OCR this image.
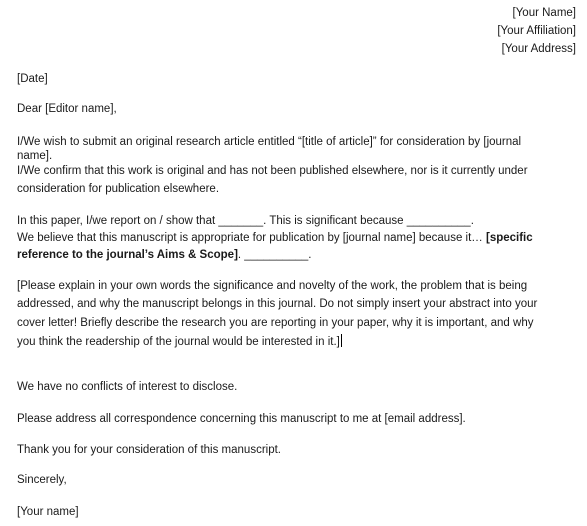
[Your Name]
[Your Affiliation]
[Your Address]
[Date]
Dear [Editor name],
I/We wish to submit an original research article entitled “[title of article]” for consideration by [journal
name].
I/We confirm that this work is original and has not been published elsewhere, nor is it currently under
consideration for publication elsewhere.
In this paper, I/we report on / show that _______. This is significant because __________.
We believe that this manuscript is appropriate for publication by [journal name] because it… [specific
reference to the journal’s Aims & Scope]. __________.
[Please explain in your own words the significance and novelty of the work, the problem that is being
addressed, and why the manuscript belongs in this journal. Do not simply insert your abstract into your
cover letter! Briefly describe the research you are reporting in your paper, why it is important, and why
you think the readership of the journal would be interested in it.]
We have no conflicts of interest to disclose.
Please address all correspondence concerning this manuscript to me at [email address].
Thank you for your consideration of this manuscript.
Sincerely,
[Your name]
